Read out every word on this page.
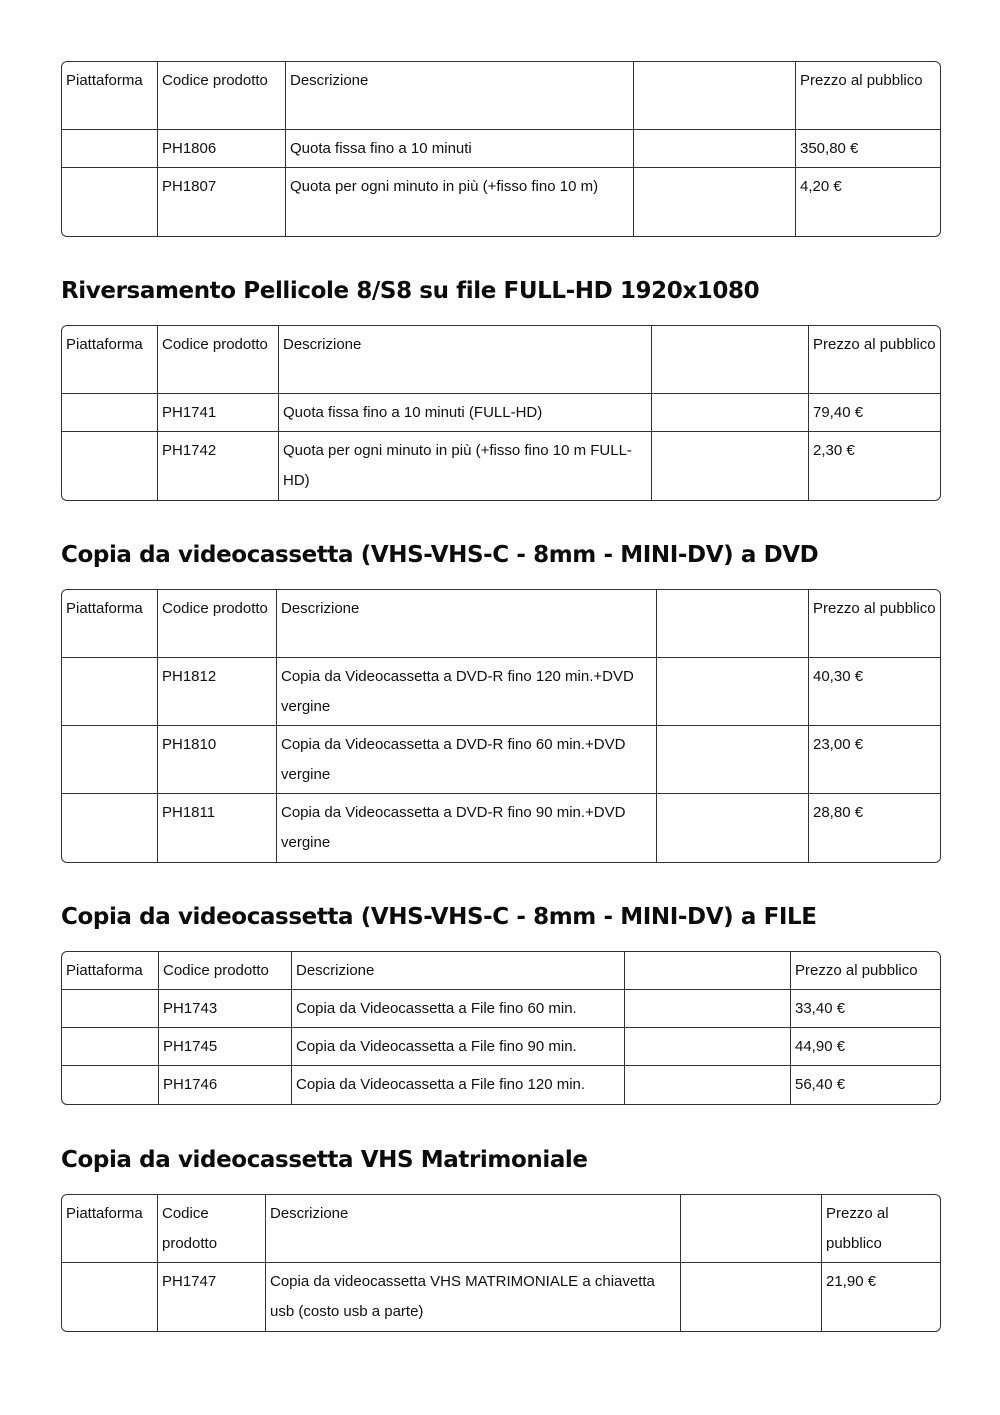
Piattaforma	Codice prodotto	Descrizione		Prezzo al pubblico
	PH1806	Quota fissa fino a 10 minuti		350,80 €
	PH1807	Quota per ogni minuto in più (+fisso fino 10 m)		4,20 €
Riversamento Pellicole 8/S8 su file FULL-HD 1920x1080
Piattaforma	Codice prodotto	Descrizione		Prezzo al pubblico
	PH1741	Quota fissa fino a 10 minuti (FULL-HD)		79,40 €
	PH1742	Quota per ogni minuto in più (+fisso fino 10 m FULL-HD)		2,30 €
Copia da videocassetta (VHS-VHS-C - 8mm - MINI-DV) a DVD
Piattaforma	Codice prodotto	Descrizione		Prezzo al pubblico
	PH1812	Copia da Videocassetta a DVD-R fino 120 min.+DVD vergine		40,30 €
	PH1810	Copia da Videocassetta a DVD-R fino 60 min.+DVD vergine		23,00 €
	PH1811	Copia da Videocassetta a DVD-R fino 90 min.+DVD vergine		28,80 €
Copia da videocassetta (VHS-VHS-C - 8mm - MINI-DV) a FILE
Piattaforma	Codice prodotto	Descrizione		Prezzo al pubblico
	PH1743	Copia da Videocassetta a File fino 60 min.		33,40 €
	PH1745	Copia da Videocassetta a File fino 90 min.		44,90 €
	PH1746	Copia da Videocassetta a File fino 120 min.		56,40 €
Copia da videocassetta VHS Matrimoniale
Piattaforma	Codice prodotto	Descrizione		Prezzo al pubblico
	PH1747	Copia da videocassetta VHS MATRIMONIALE a chiavetta usb (costo usb a parte)		21,90 €
